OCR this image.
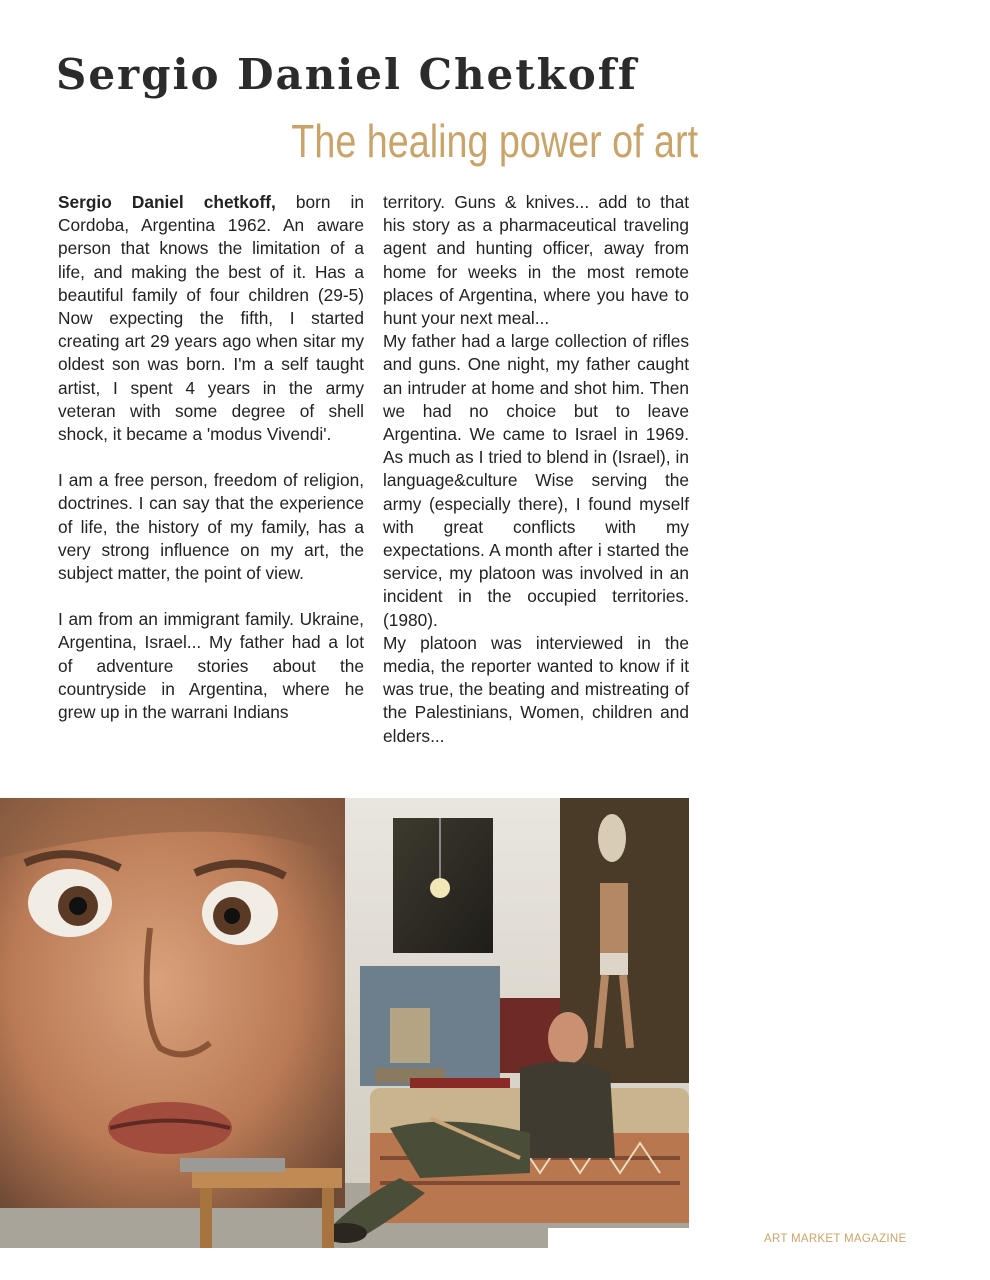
Sergio Daniel Chetkoff
The healing power of art

Sergio Daniel chetkoff, born in Cordoba, Argentina 1962. An aware person that knows the limitation of a life, and making the best of it. Has a beautiful family of four children (29-5) Now expecting the fifth, I started creating art 29 years ago when sitar my oldest son was born. I'm a self taught artist, I spent 4 years in the army veteran with some degree of shell shock, it became a 'modus Vivendi'.

I am a free person, freedom of religion, doctrines. I can say that the experience of life, the history of my family, has a very strong influence on my art, the subject matter, the point of view.

I am from an immigrant family. Ukraine, Argentina, Israel... My father had a lot of adventure stories about the countryside in Argentina, where he grew up in the warrani Indians

territory. Guns & knives... add to that his story as a pharmaceutical traveling agent and hunting officer, away from home for weeks in the most remote places of Argentina, where you have to hunt your next meal...

My father had a large collection of rifles and guns. One night, my father caught an intruder at home and shot him. Then we had no choice but to leave Argentina. We came to Israel in 1969. As much as I tried to blend in (Israel), in language&culture Wise serving the army (especially there), I found myself with great conflicts with my expectations. A month after i started the service, my platoon was involved in an incident in the occupied territories. (1980).

My platoon was interviewed in the media, the reporter wanted to know if it was true, the beating and mistreating of the Palestinians, Women, children and elders...

ART MARKET MAGAZINE
